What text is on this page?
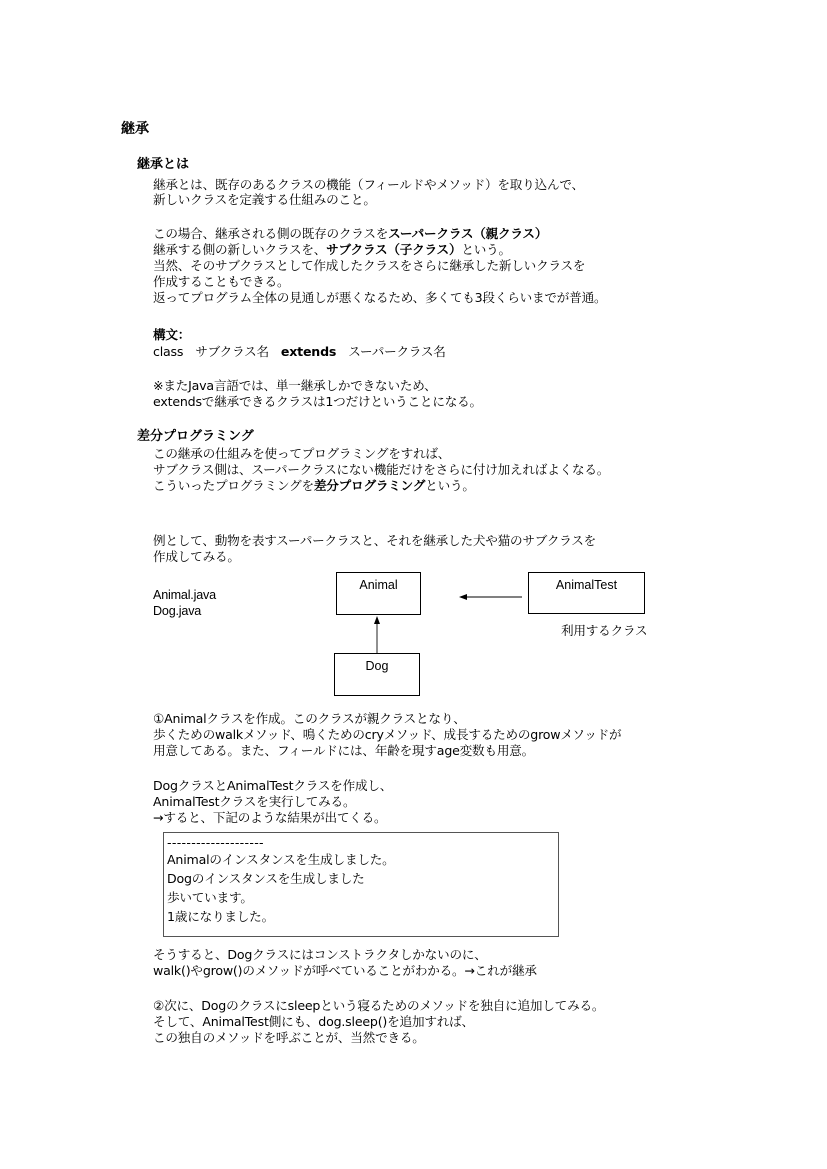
継承
継承とは
継承とは、既存のあるクラスの機能（フィールドやメソッド）を取り込んで、
新しいクラスを定義する仕組みのこと。
この場合、継承される側の既存のクラスをスーパークラス（親クラス）
継承する側の新しいクラスを、サブクラス（子クラス）という。
当然、そのサブクラスとして作成したクラスをさらに継承した新しいクラスを
作成することもできる。
返ってプログラム全体の見通しが悪くなるため、多くても3段くらいまでが普通。
構文：
class サブクラス名 extends スーパークラス名
※またJava言語では、単一継承しかできないため、
extendsで継承できるクラスは1つだけということになる。
差分プログラミング
この継承の仕組みを使ってプログラミングをすれば、
サブクラス側は、スーパークラスにない機能だけをさらに付け加えればよくなる。
こういったプログラミングを差分プログラミングという。
例として、動物を表すスーパークラスと、それを継承した犬や猫のサブクラスを
作成してみる。
Animal.java
Dog.java
Animal	AnimalTest
Dog
利用するクラス
①Animalクラスを作成。このクラスが親クラスとなり、
歩くためのwalkメソッド、鳴くためのcryメソッド、成長するためのgrowメソッドが
用意してある。また、フィールドには、年齢を現すage変数も用意。
DogクラスとAnimalTestクラスを作成し、
AnimalTestクラスを実行してみる。
→すると、下記のような結果が出てくる。
--------------------
Animalのインスタンスを生成しました。
Dogのインスタンスを生成しました
歩いています。
1歳になりました。
そうすると、Dogクラスにはコンストラクタしかないのに、
walk()やgrow()のメソッドが呼べていることがわかる。→これが継承
②次に、Dogのクラスにsleepという寝るためのメソッドを独自に追加してみる。
そして、AnimalTest側にも、dog.sleep()を追加すれば、
この独自のメソッドを呼ぶことが、当然できる。
